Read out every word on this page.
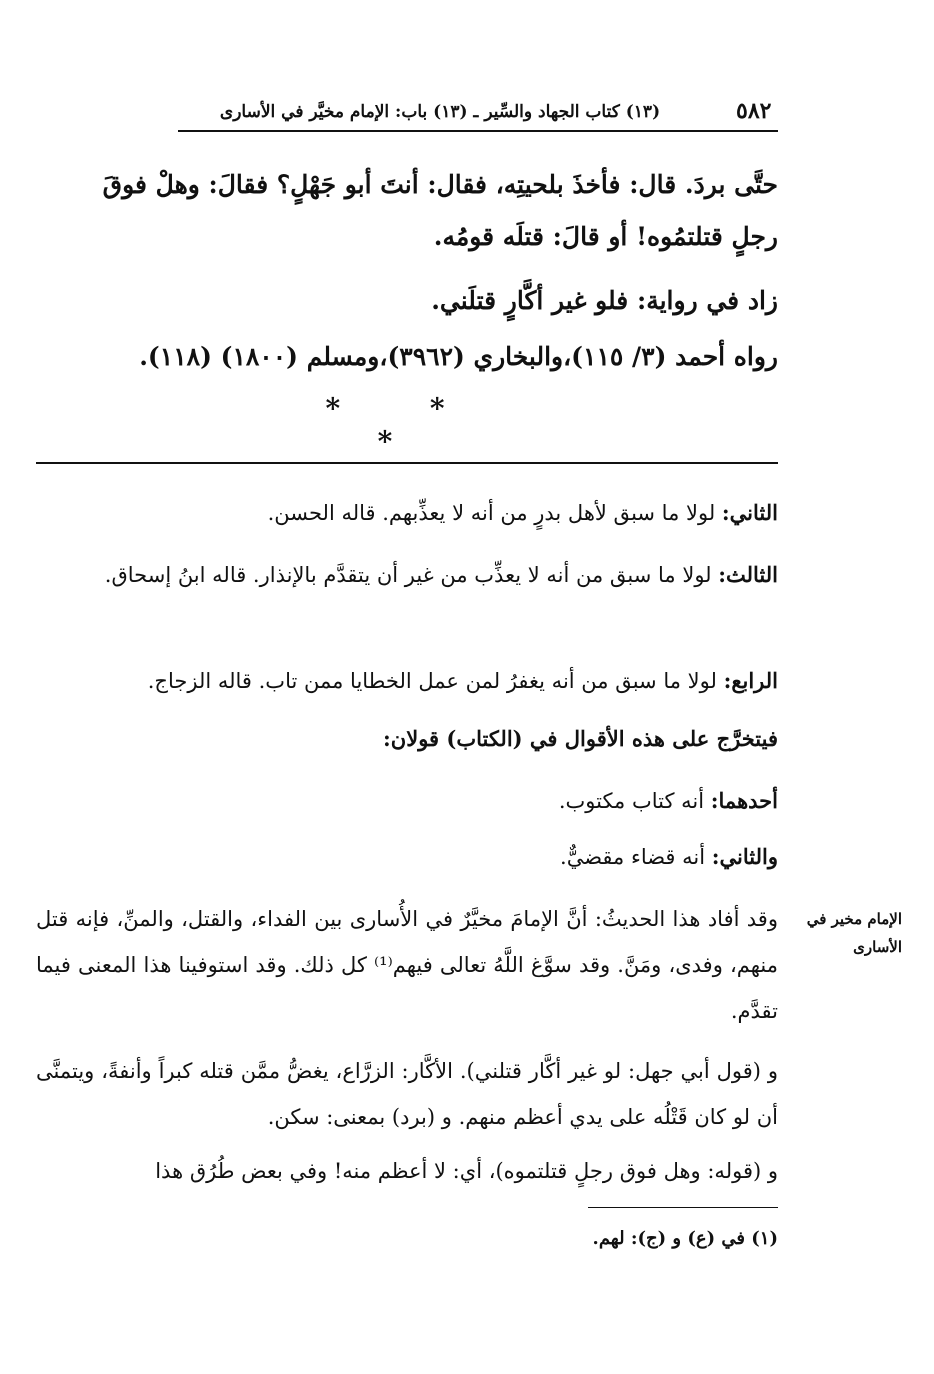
٥٨٢
(١٣) كتاب الجهاد والسِّير ـ (١٣) باب: الإمام مخيَّر في الأسارى
حتَّى بردَ. قال: فأخذَ بلحيتِه، فقال: أنتَ أبو جَهْلٍ؟ فقالَ: وهلْ فوقَ
رجلٍ قتلتمُوه! أو قالَ: قتلَه قومُه.
زاد في رواية: فلو غير أكَّارٍ قتلَني.
رواه أحمد (٣/ ١١٥)،والبخاري (٣٩٦٢)،ومسلم (١٨٠٠) (١١٨).
* * *
الثاني: لولا ما سبق لأهل بدرٍ من أنه لا يعذِّبهم. قاله الحسن.
الثالث: لولا ما سبق من أنه لا يعذِّب من غير أن يتقدَّم بالإنذار. قاله ابنُ إسحاق.
الرابع: لولا ما سبق من أنه يغفرُ لمن عمل الخطايا ممن تاب. قاله الزجاج.
فيتخرَّج على هذه الأقوال في (الكتاب) قولان:
أحدهما: أنه كتاب مكتوب.
والثاني: أنه قضاء مقضيٌّ.
الإمام مخير في الأسارى
وقد أفاد هذا الحديثُ: أنَّ الإمامَ مخيَّرٌ في الأُسارى بين الفداء، والقتل، والمنِّ، فإنه قتل منهم، وفدى، ومَنَّ. وقد سوَّغ اللَّهُ تعالى فيهم⁽¹⁾ كل ذلك. وقد استوفينا هذا المعنى فيما تقدَّم.
و (قول أبي جهل: لو غير أكَّار قتلني). الأكَّار: الزرَّاع، يغضُّ ممَّن قتله كبراً وأنفةً، ويتمنَّى أن لو كان قَتْلُه على يدي أعظم منهم. و (برد) بمعنى: سكن.
و (قوله: وهل فوق رجلٍ قتلتموه)، أي: لا أعظم منه! وفي بعض طُرُق هذا
(١) في (ع) و (ج): لهم.
